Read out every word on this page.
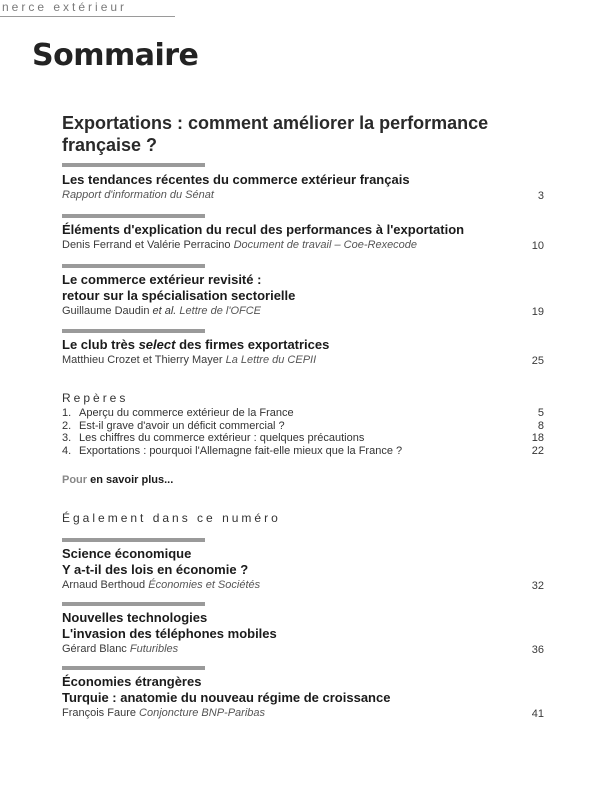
nerce extérieur
Sommaire
Exportations : comment améliorer la performance française ?
Les tendances récentes du commerce extérieur français
Rapport d'information du Sénat	3
Éléments d'explication du recul des performances à l'exportation
Denis Ferrand et Valérie Perracino Document de travail – Coe-Rexecode	10
Le commerce extérieur revisité :
retour sur la spécialisation sectorielle
Guillaume Daudin et al. Lettre de l'OFCE	19
Le club très select des firmes exportatrices
Matthieu Crozet et Thierry Mayer La Lettre du CEPII	25
Repères
1. Aperçu du commerce extérieur de la France	5
2. Est-il grave d'avoir un déficit commercial ?	8
3. Les chiffres du commerce extérieur : quelques précautions	18
4. Exportations : pourquoi l'Allemagne fait-elle mieux que la France ?	22
Pour en savoir plus...
Également dans ce numéro
Science économique
Y a-t-il des lois en économie ?
Arnaud Berthoud Économies et Sociétés	32
Nouvelles technologies
L'invasion des téléphones mobiles
Gérard Blanc Futuribles	36
Économies étrangères
Turquie : anatomie du nouveau régime de croissance
François Faure Conjoncture BNP-Paribas	41
